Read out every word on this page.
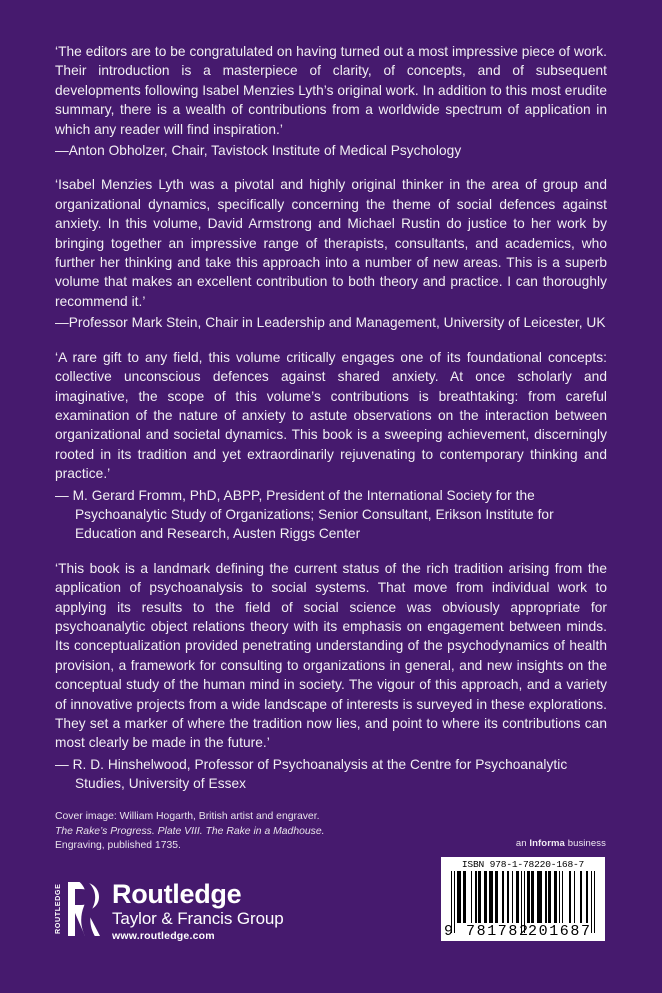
‘The editors are to be congratulated on having turned out a most impressive piece of work. Their introduction is a masterpiece of clarity, of concepts, and of subsequent developments following Isabel Menzies Lyth’s original work. In addition to this most erudite summary, there is a wealth of contributions from a worldwide spectrum of application in which any reader will find inspiration.’

—Anton Obholzer, Chair, Tavistock Institute of Medical Psychology

‘Isabel Menzies Lyth was a pivotal and highly original thinker in the area of group and organizational dynamics, specifically concerning the theme of social defences against anxiety. In this volume, David Armstrong and Michael Rustin do justice to her work by bringing together an impressive range of therapists, consultants, and academics, who further her thinking and take this approach into a number of new areas. This is a superb volume that makes an excellent contribution to both theory and practice. I can thoroughly recommend it.’

—Professor Mark Stein, Chair in Leadership and Management, University of Leicester, UK

‘A rare gift to any field, this volume critically engages one of its foundational concepts: collective unconscious defences against shared anxiety. At once scholarly and imaginative, the scope of this volume’s contributions is breathtaking: from careful examination of the nature of anxiety to astute observations on the interaction between organizational and societal dynamics. This book is a sweeping achievement, discerningly rooted in its tradition and yet extraordinarily rejuvenating to contemporary thinking and practice.’

— M. Gerard Fromm, PhD, ABPP, President of the International Society for the Psychoanalytic Study of Organizations; Senior Consultant, Erikson Institute for Education and Research, Austen Riggs Center

‘This book is a landmark defining the current status of the rich tradition arising from the application of psychoanalysis to social systems. That move from individual work to applying its results to the field of social science was obviously appropriate for psychoanalytic object relations theory with its emphasis on engagement between minds. Its conceptualization provided penetrating understanding of the psychodynamics of health provision, a framework for consulting to organizations in general, and new insights on the conceptual study of the human mind in society. The vigour of this approach, and a variety of innovative projects from a wide landscape of interests is surveyed in these explorations. They set a marker of where the tradition now lies, and point to where its contributions can most clearly be made in the future.’

— R. D. Hinshelwood, Professor of Psychoanalysis at the Centre for Psychoanalytic Studies, University of Essex

Cover image: William Hogarth, British artist and engraver.
The Rake’s Progress. Plate VIII. The Rake in a Madhouse.
Engraving, published 1735.	an Informa business
ISBN 978-1-78220-168-7
9 781782
201687
ROUTLEDGE Routledge
Taylor & Francis Group
www.routledge.com
